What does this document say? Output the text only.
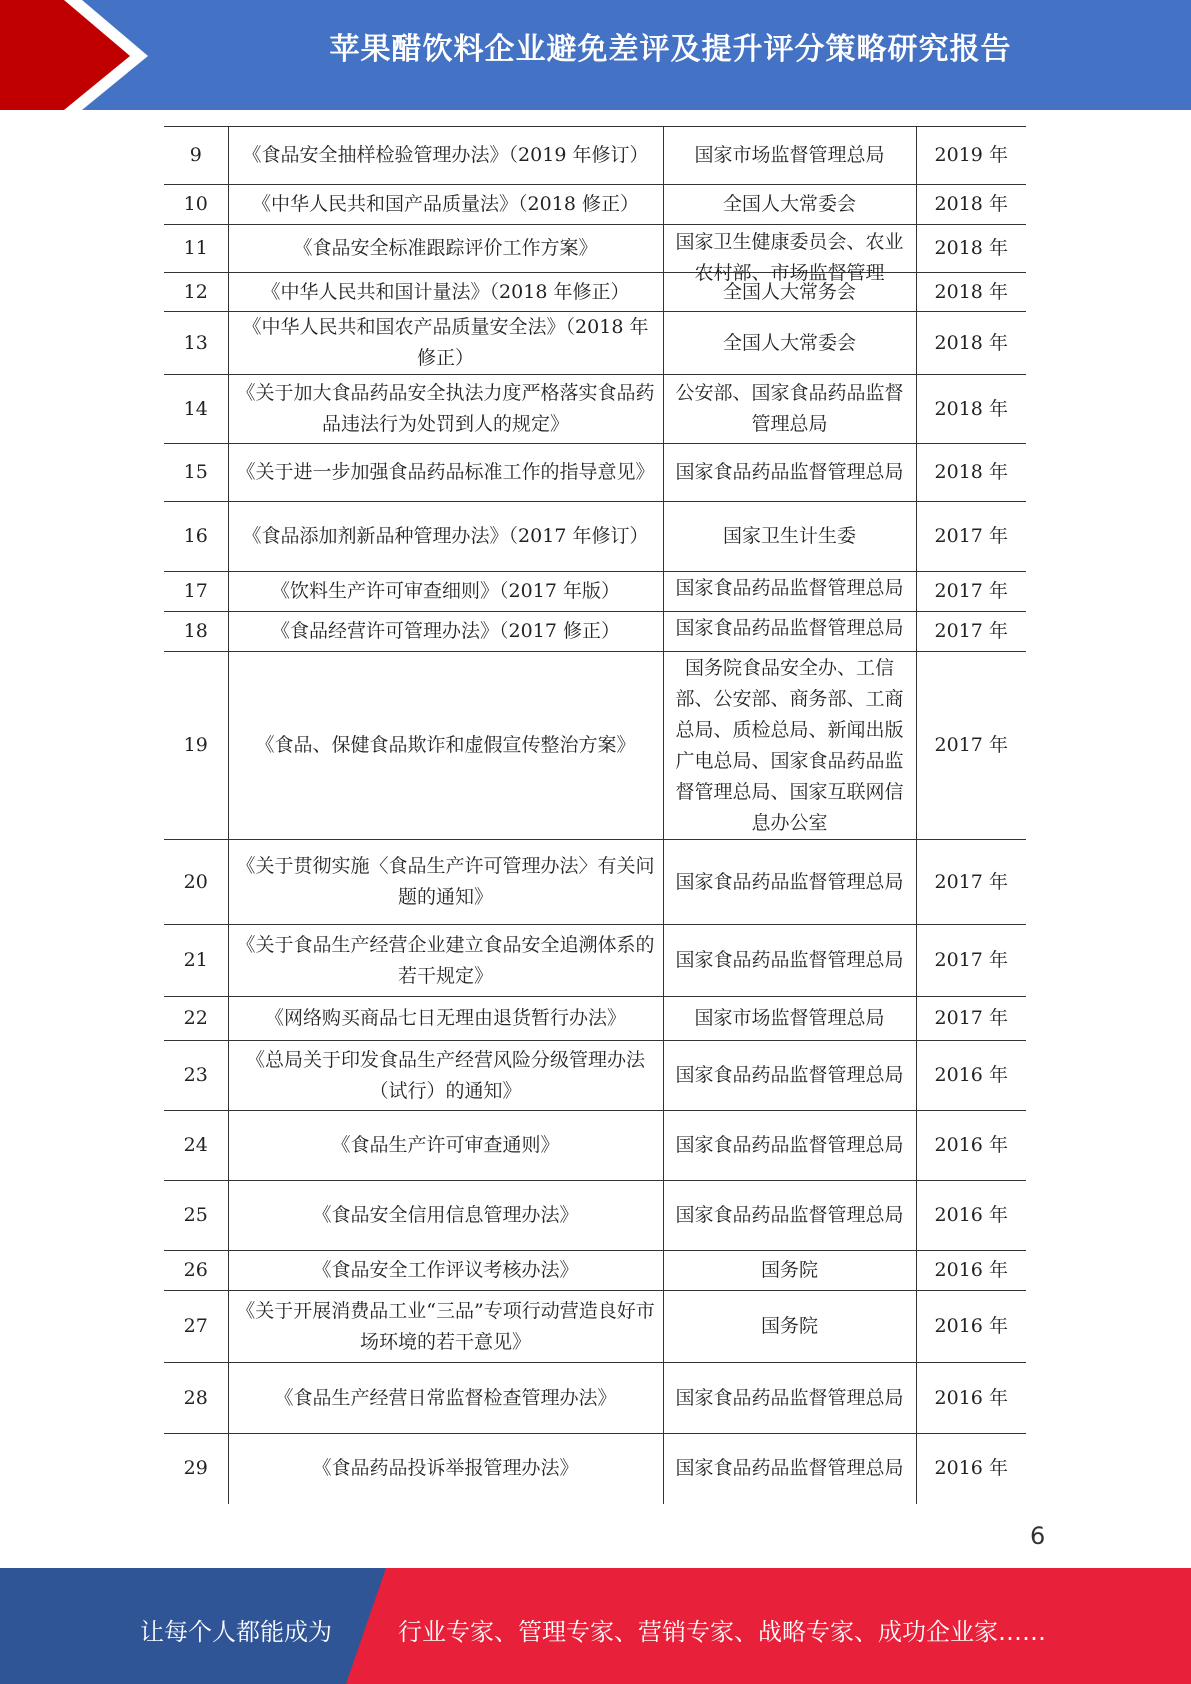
苹果醋饮料企业避免差评及提升评分策略研究报告
9	《食品安全抽样检验管理办法》（2019 年修订）	国家市场监督管理总局	2019 年
10	《中华人民共和国产品质量法》（2018 修正）	全国人大常委会	2018 年
11	《食品安全标准跟踪评价工作方案》	国家卫生健康委员会、农业农村部、市场监督管理	2018 年
12	《中华人民共和国计量法》（2018 年修正）	全国人大常务会	2018 年
13	《中华人民共和国农产品质量安全法》（2018 年修正）	全国人大常委会	2018 年
14	《关于加大食品药品安全执法力度严格落实食品药品违法行为处罚到人的规定》	公安部、国家食品药品监督管理总局	2018 年
15	《关于进一步加强食品药品标准工作的指导意见》	国家食品药品监督管理总局	2018 年
16	《食品添加剂新品种管理办法》（2017 年修订）	国家卫生计生委	2017 年
17	《饮料生产许可审查细则》（2017 年版）	国家食品药品监督管理总局	2017 年
18	《食品经营许可管理办法》（2017 修正）	国家食品药品监督管理总局	2017 年
19	《食品、保健食品欺诈和虚假宣传整治方案》	国务院食品安全办、工信部、公安部、商务部、工商总局、质检总局、新闻出版广电总局、国家食品药品监督管理总局、国家互联网信息办公室	2017 年
20	《关于贯彻实施〈食品生产许可管理办法〉有关问题的通知》	国家食品药品监督管理总局	2017 年
21	《关于食品生产经营企业建立食品安全追溯体系的若干规定》	国家食品药品监督管理总局	2017 年
22	《网络购买商品七日无理由退货暂行办法》	国家市场监督管理总局	2017 年
23	《总局关于印发食品生产经营风险分级管理办法（试行）的通知》	国家食品药品监督管理总局	2016 年
24	《食品生产许可审查通则》	国家食品药品监督管理总局	2016 年
25	《食品安全信用信息管理办法》	国家食品药品监督管理总局	2016 年
26	《食品安全工作评议考核办法》	国务院	2016 年
27	《关于开展消费品工业“三品”专项行动营造良好市场环境的若干意见》	国务院	2016 年
28	《食品生产经营日常监督检查管理办法》	国家食品药品监督管理总局	2016 年
29	《食品药品投诉举报管理办法》	国家食品药品监督管理总局	2016 年
6
让每个人都能成为	行业专家、管理专家、营销专家、战略专家、成功企业家……
